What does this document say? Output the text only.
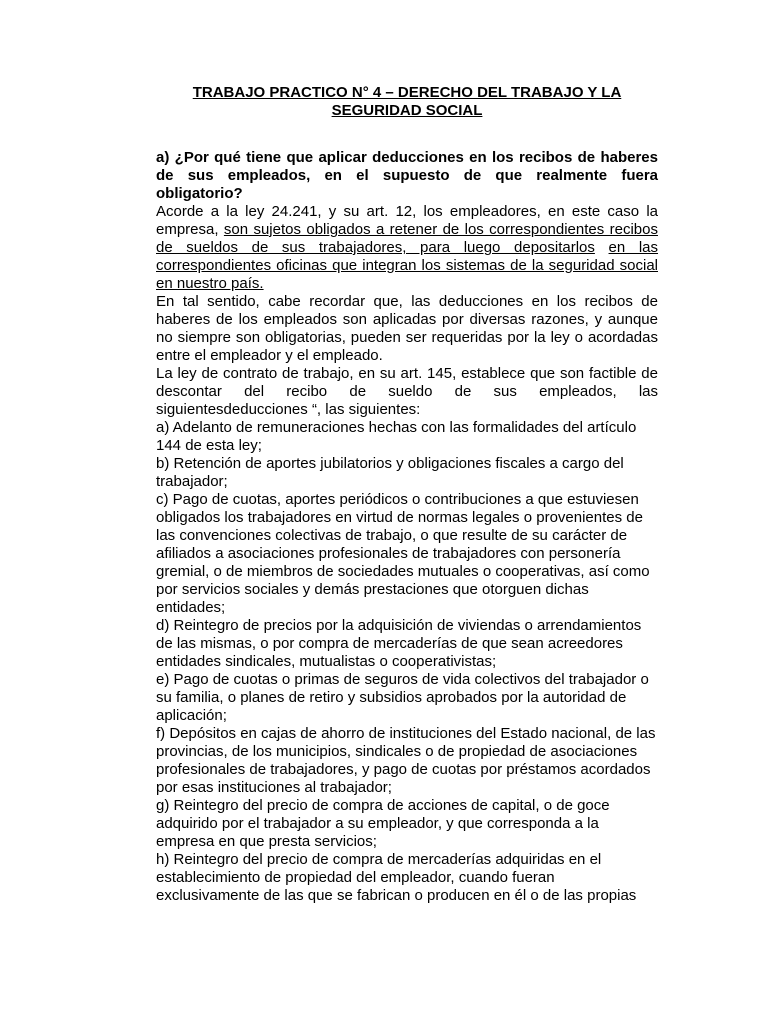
TRABAJO PRACTICO N° 4 – DERECHO DEL TRABAJO Y LA
SEGURIDAD SOCIAL

a) ¿Por qué tiene que aplicar deducciones en los recibos de haberes de sus empleados, en el supuesto de que realmente fuera obligatorio?

Acorde a la ley 24.241, y su art. 12, los empleadores, en este caso la empresa, son sujetos obligados a retener de los correspondientes recibos de sueldos de sus trabajadores, para luego depositarlos en las correspondientes oficinas que integran los sistemas de la seguridad social en nuestro país.

En tal sentido, cabe recordar que, las deducciones en los recibos de haberes de los empleados son aplicadas por diversas razones, y aunque no siempre son obligatorias, pueden ser requeridas por la ley o acordadas entre el empleador y el empleado.

La ley de contrato de trabajo, en su art. 145, establece que son factible de descontar del recibo de sueldo de sus empleados, las siguientesdeducciones “, las siguientes:

a) Adelanto de remuneraciones hechas con las formalidades del artículo 144 de esta ley;

b) Retención de aportes jubilatorios y obligaciones fiscales a cargo del trabajador;

c) Pago de cuotas, aportes periódicos o contribuciones a que estuviesen obligados los trabajadores en virtud de normas legales o provenientes de las convenciones colectivas de trabajo, o que resulte de su carácter de afiliados a asociaciones profesionales de trabajadores con personería gremial, o de miembros de sociedades mutuales o cooperativas, así como por servicios sociales y demás prestaciones que otorguen dichas entidades;

d) Reintegro de precios por la adquisición de viviendas o arrendamientos de las mismas, o por compra de mercaderías de que sean acreedores entidades sindicales, mutualistas o cooperativistas;

e) Pago de cuotas o primas de seguros de vida colectivos del trabajador o su familia, o planes de retiro y subsidios aprobados por la autoridad de aplicación;

f) Depósitos en cajas de ahorro de instituciones del Estado nacional, de las provincias, de los municipios, sindicales o de propiedad de asociaciones profesionales de trabajadores, y pago de cuotas por préstamos acordados por esas instituciones al trabajador;

g) Reintegro del precio de compra de acciones de capital, o de goce adquirido por el trabajador a su empleador, y que corresponda a la empresa en que presta servicios;

h) Reintegro del precio de compra de mercaderías adquiridas en el establecimiento de propiedad del empleador, cuando fueran exclusivamente de las que se fabrican o producen en él o de las propias
